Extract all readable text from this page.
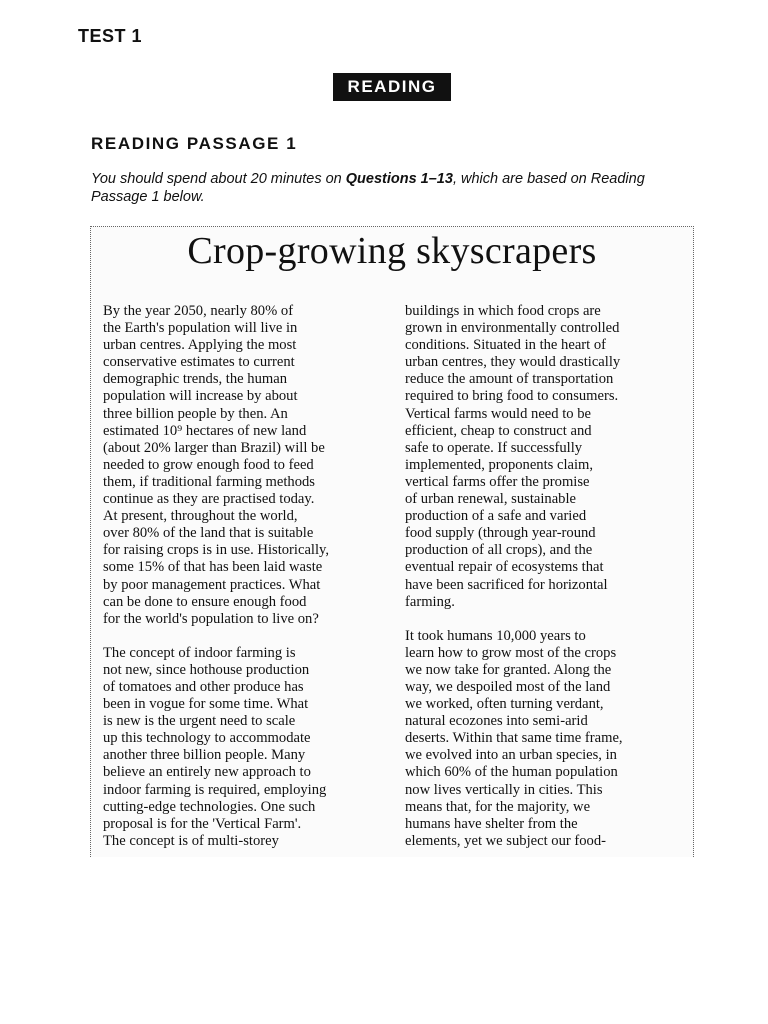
TEST 1
READING
READING PASSAGE 1
You should spend about 20 minutes on Questions 1–13, which are based on Reading Passage 1 below.
Crop-growing skyscrapers
By the year 2050, nearly 80% of
the Earth's population will live in
urban centres. Applying the most
conservative estimates to current
demographic trends, the human
population will increase by about
three billion people by then. An
estimated 10⁹ hectares of new land
(about 20% larger than Brazil) will be
needed to grow enough food to feed
them, if traditional farming methods
continue as they are practised today.
At present, throughout the world,
over 80% of the land that is suitable
for raising crops is in use. Historically,
some 15% of that has been laid waste
by poor management practices. What
can be done to ensure enough food
for the world's population to live on?
The concept of indoor farming is
not new, since hothouse production
of tomatoes and other produce has
been in vogue for some time. What
is new is the urgent need to scale
up this technology to accommodate
another three billion people. Many
believe an entirely new approach to
indoor farming is required, employing
cutting-edge technologies. One such
proposal is for the 'Vertical Farm'.
The concept is of multi-storey
buildings in which food crops are
grown in environmentally controlled
conditions. Situated in the heart of
urban centres, they would drastically
reduce the amount of transportation
required to bring food to consumers.
Vertical farms would need to be
efficient, cheap to construct and
safe to operate. If successfully
implemented, proponents claim,
vertical farms offer the promise
of urban renewal, sustainable
production of a safe and varied
food supply (through year-round
production of all crops), and the
eventual repair of ecosystems that
have been sacrificed for horizontal
farming.
It took humans 10,000 years to
learn how to grow most of the crops
we now take for granted. Along the
way, we despoiled most of the land
we worked, often turning verdant,
natural ecozones into semi-arid
deserts. Within that same time frame,
we evolved into an urban species, in
which 60% of the human population
now lives vertically in cities. This
means that, for the majority, we
humans have shelter from the
elements, yet we subject our food-
